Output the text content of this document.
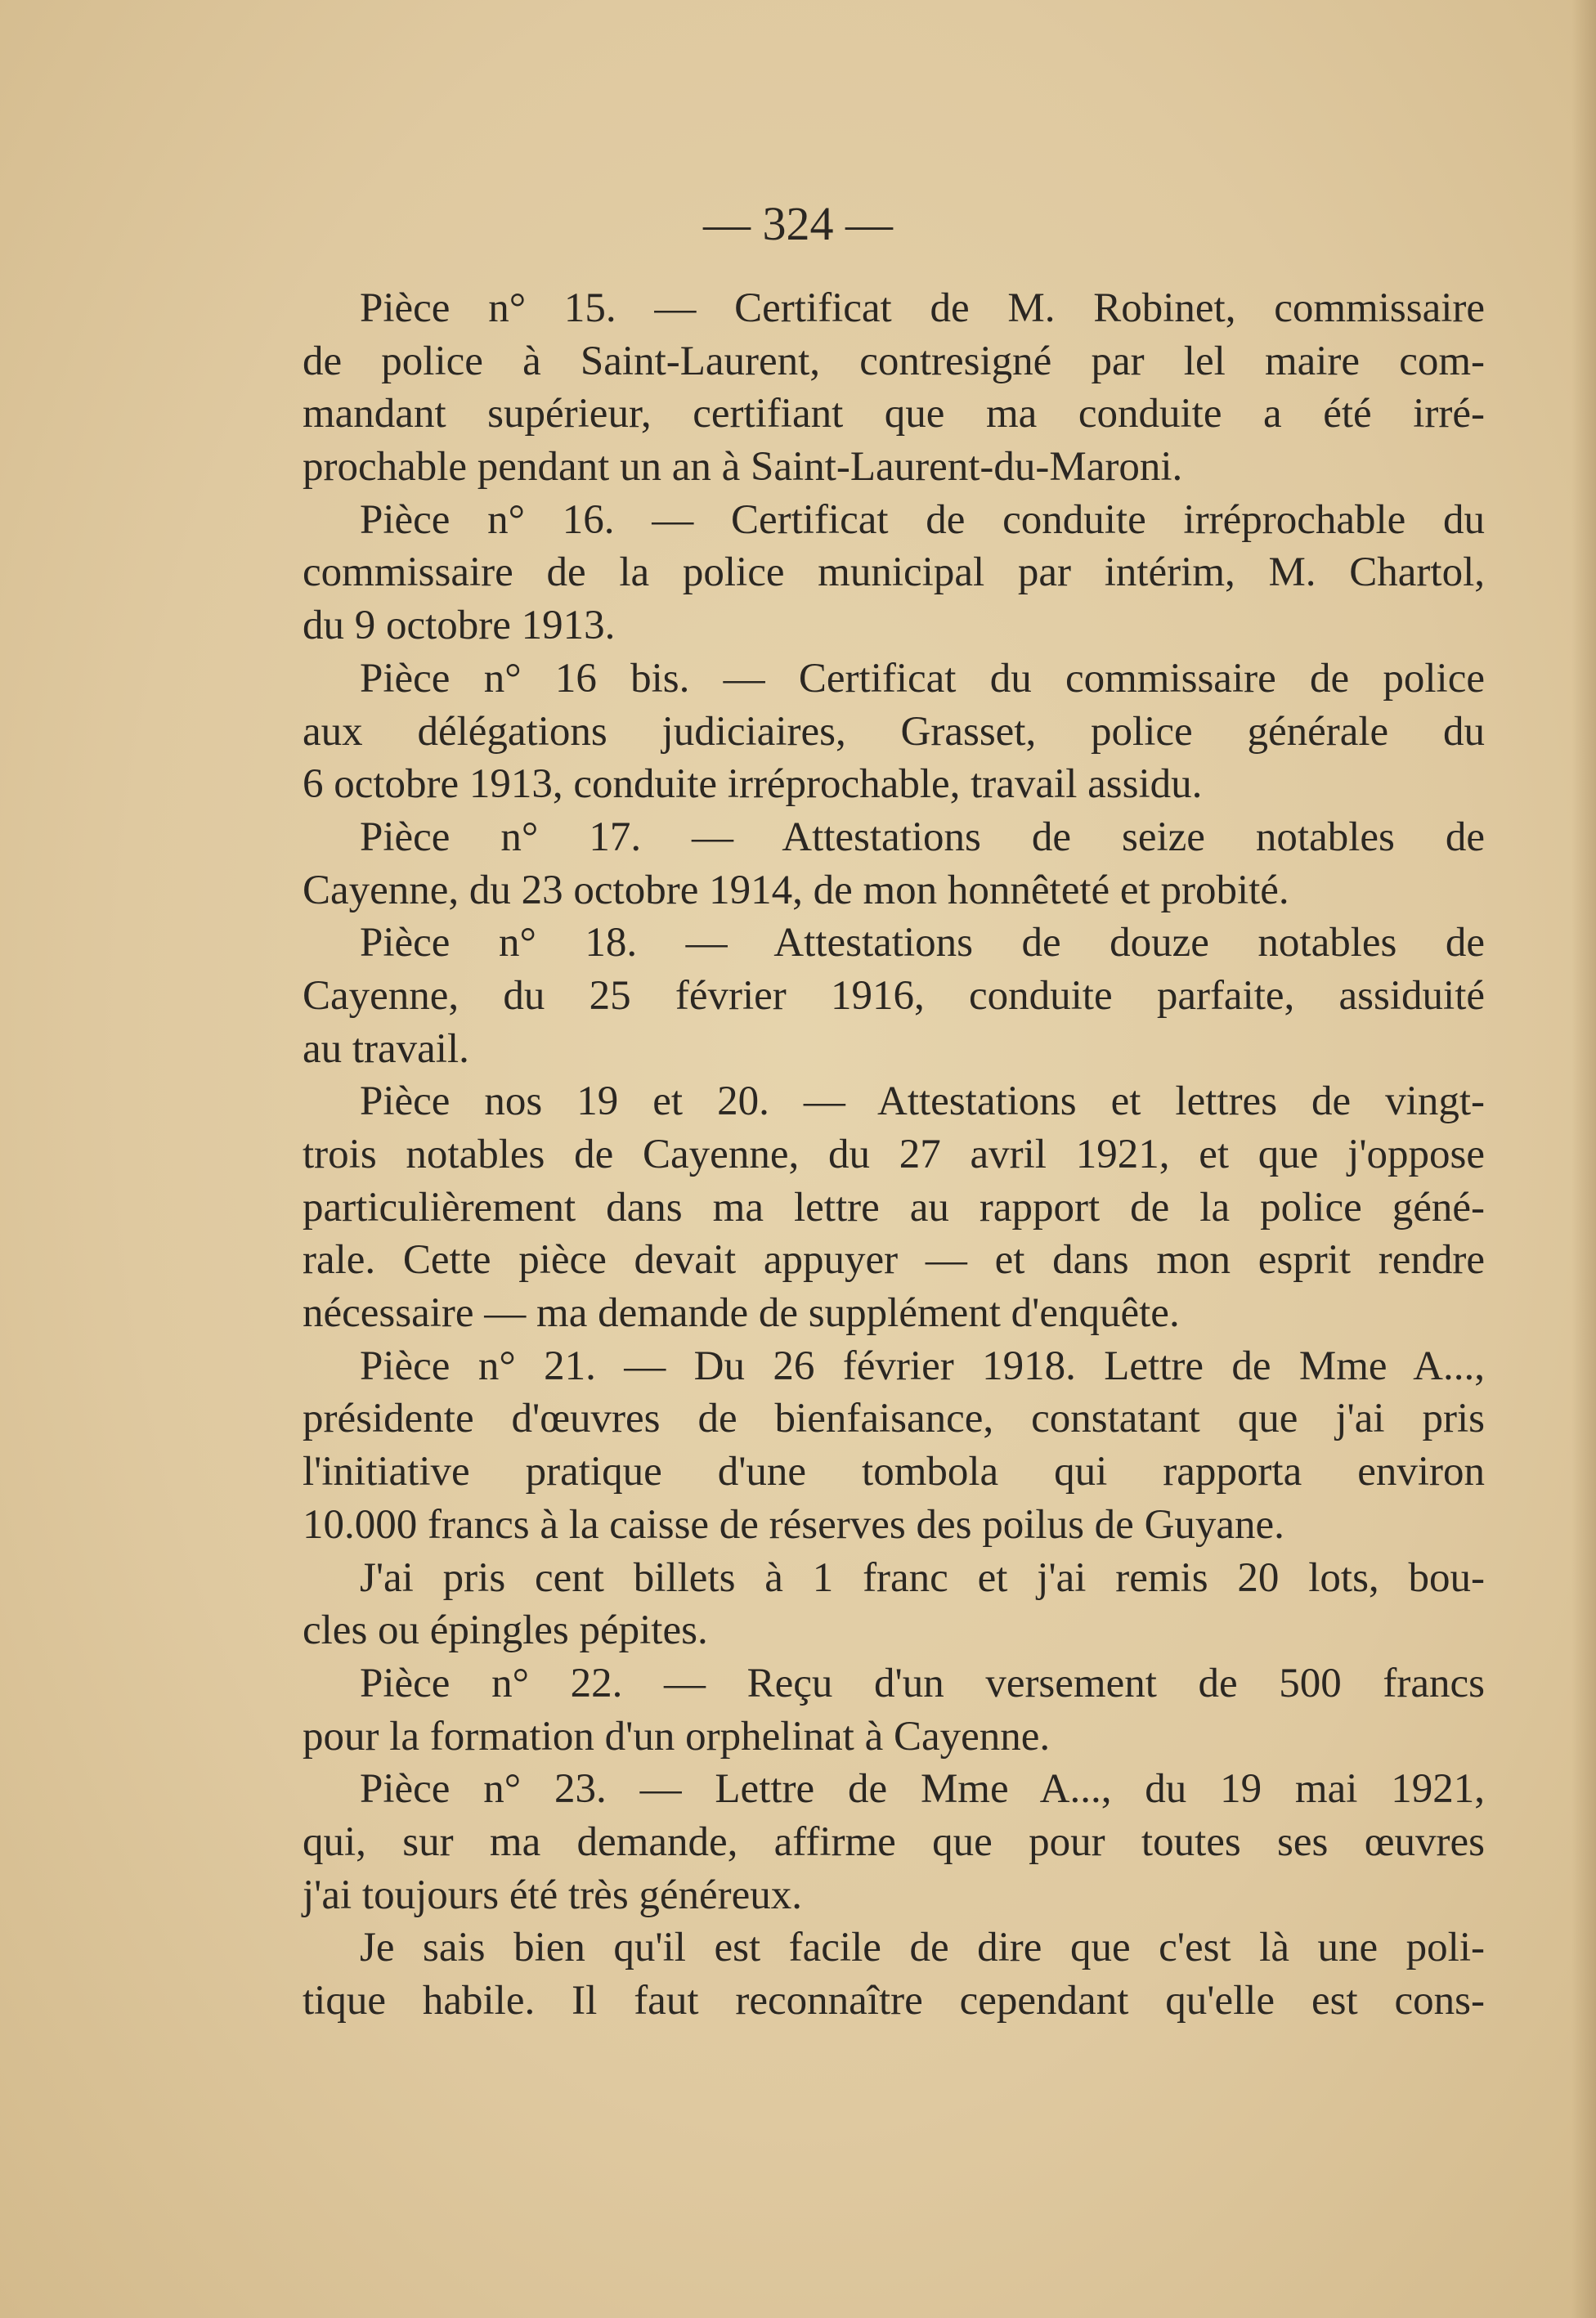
— 324 —
Pièce n° 15. — Certificat de M. Robinet, commissaire
de police à Saint-Laurent, contresigné par lel maire com-
mandant supérieur, certifiant que ma conduite a été irré-
prochable pendant un an à Saint-Laurent-du-Maroni.
Pièce n° 16. — Certificat de conduite irréprochable du
commissaire de la police municipal par intérim, M. Chartol,
du 9 octobre 1913.
Pièce n° 16 bis. — Certificat du commissaire de police
aux délégations judiciaires, Grasset, police générale du
6 octobre 1913, conduite irréprochable, travail assidu.
Pièce n° 17. — Attestations de seize notables de
Cayenne, du 23 octobre 1914, de mon honnêteté et probité.
Pièce n° 18. — Attestations de douze notables de
Cayenne, du 25 février 1916, conduite parfaite, assiduité
au travail.
Pièce nos 19 et 20. — Attestations et lettres de vingt-
trois notables de Cayenne, du 27 avril 1921, et que j'oppose
particulièrement dans ma lettre au rapport de la police géné-
rale. Cette pièce devait appuyer — et dans mon esprit rendre
nécessaire — ma demande de supplément d'enquête.
Pièce n° 21. — Du 26 février 1918. Lettre de Mme A...,
présidente d'œuvres de bienfaisance, constatant que j'ai pris
l'initiative pratique d'une tombola qui rapporta environ
10.000 francs à la caisse de réserves des poilus de Guyane.
J'ai pris cent billets à 1 franc et j'ai remis 20 lots, bou-
cles ou épingles pépites.
Pièce n° 22. — Reçu d'un versement de 500 francs
pour la formation d'un orphelinat à Cayenne.
Pièce n° 23. — Lettre de Mme A..., du 19 mai 1921,
qui, sur ma demande, affirme que pour toutes ses œuvres
j'ai toujours été très généreux.
Je sais bien qu'il est facile de dire que c'est là une poli-
tique habile. Il faut reconnaître cependant qu'elle est cons-
